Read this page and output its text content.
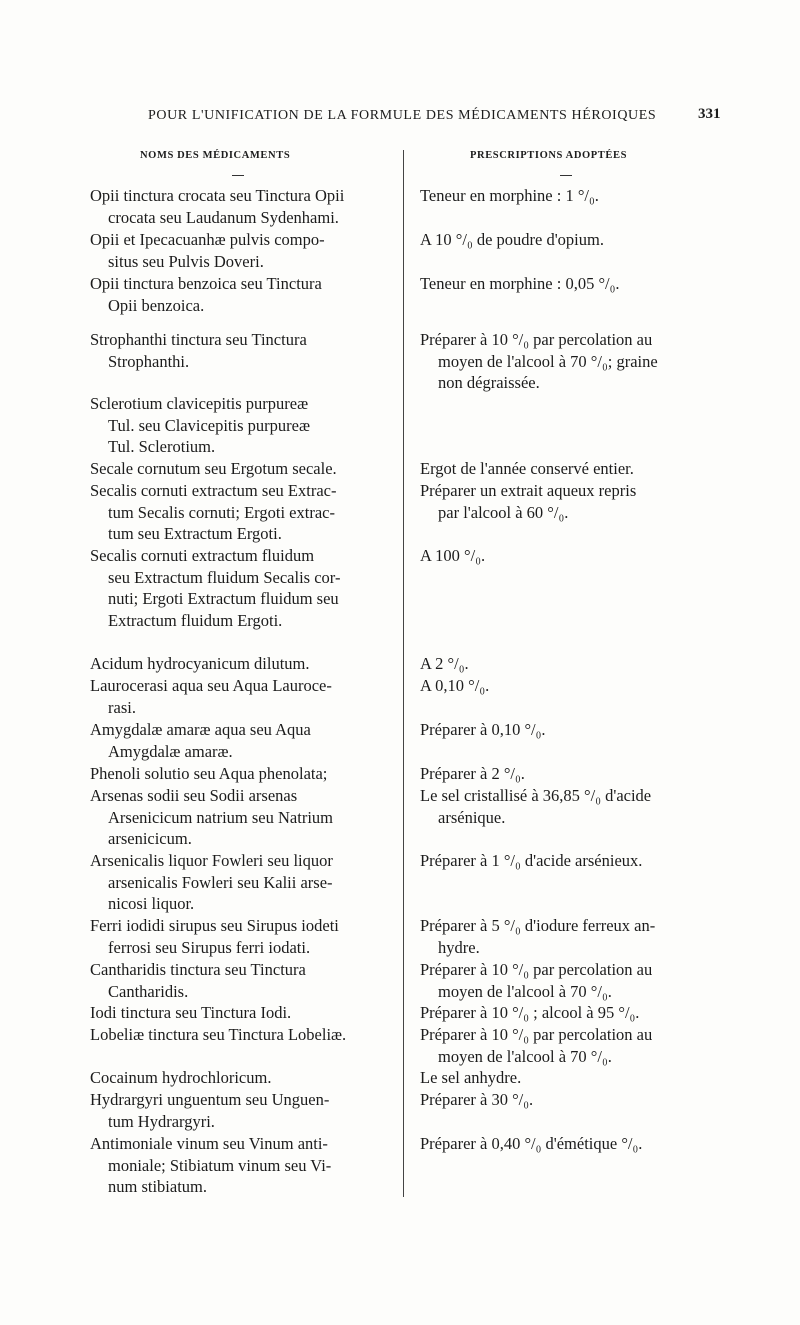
POUR L'UNIFICATION DE LA FORMULE DES MÉDICAMENTS HÉROIQUES	331
NOMS DES MÉDICAMENTS	PRESCRIPTIONS ADOPTÉES
Opii tinctura crocata seu Tinctura Opii
crocata seu Laudanum Sydenhami.
Opii et Ipecacuanhæ pulvis compo-
situs seu Pulvis Doveri.
Opii tinctura benzoica seu Tinctura
Opii benzoica.
Strophanthi tinctura seu Tinctura
Strophanthi.
Sclerotium clavicepitis purpureæ
Tul. seu Clavicepitis purpureæ
Tul. Sclerotium.
Secale cornutum seu Ergotum secale.
Secalis cornuti extractum seu Extrac-
tum Secalis cornuti; Ergoti extrac-
tum seu Extractum Ergoti.
Secalis cornuti extractum fluidum
seu Extractum fluidum Secalis cor-
nuti; Ergoti Extractum fluidum seu
Extractum fluidum Ergoti.
Acidum hydrocyanicum dilutum.
Laurocerasi aqua seu Aqua Lauroce-
rasi.
Amygdalæ amaræ aqua seu Aqua
Amygdalæ amaræ.
Phenoli solutio seu Aqua phenolata;
Arsenas sodii seu Sodii arsenas
Arsenicicum natrium seu Natrium
arsenicicum.
Arsenicalis liquor Fowleri seu liquor
arsenicalis Fowleri seu Kalii arse-
nicosi liquor.
Ferri iodidi sirupus seu Sirupus iodeti
ferrosi seu Sirupus ferri iodati.
Cantharidis tinctura seu Tinctura
Cantharidis.
Iodi tinctura seu Tinctura Iodi.
Lobeliæ tinctura seu Tinctura Lobeliæ.
Cocainum hydrochloricum.
Hydrargyri unguentum seu Unguen-
tum Hydrargyri.
Antimoniale vinum seu Vinum anti-
moniale; Stibiatum vinum seu Vi-
num stibiatum.
Teneur en morphine : 1 °/₀.
A 10 °/₀ de poudre d'opium.
Teneur en morphine : 0,05 °/₀.
Préparer à 10 °/₀ par percolation au
moyen de l'alcool à 70 °/₀; graine
non dégraissée.
Ergot de l'année conservé entier.
Préparer un extrait aqueux repris
par l'alcool à 60 °/₀.
A 100 °/₀.
A 2 °/₀.
A 0,10 °/₀.
Préparer à 0,10 °/₀.
Préparer à 2 °/₀.
Le sel cristallisé à 36,85 °/₀ d'acide
arsénique.
Préparer à 1 °/₀ d'acide arsénieux.
Préparer à 5 °/₀ d'iodure ferreux an-
hydre.
Préparer à 10 °/₀ par percolation au
moyen de l'alcool à 70 °/₀.
Préparer à 10 °/₀ ; alcool à 95 °/₀.
Préparer à 10 °/₀ par percolation au
moyen de l'alcool à 70 °/₀.
Le sel anhydre.
Préparer à 30 °/₀.
Préparer à 0,40 °/₀ d'émétique °/₀.
